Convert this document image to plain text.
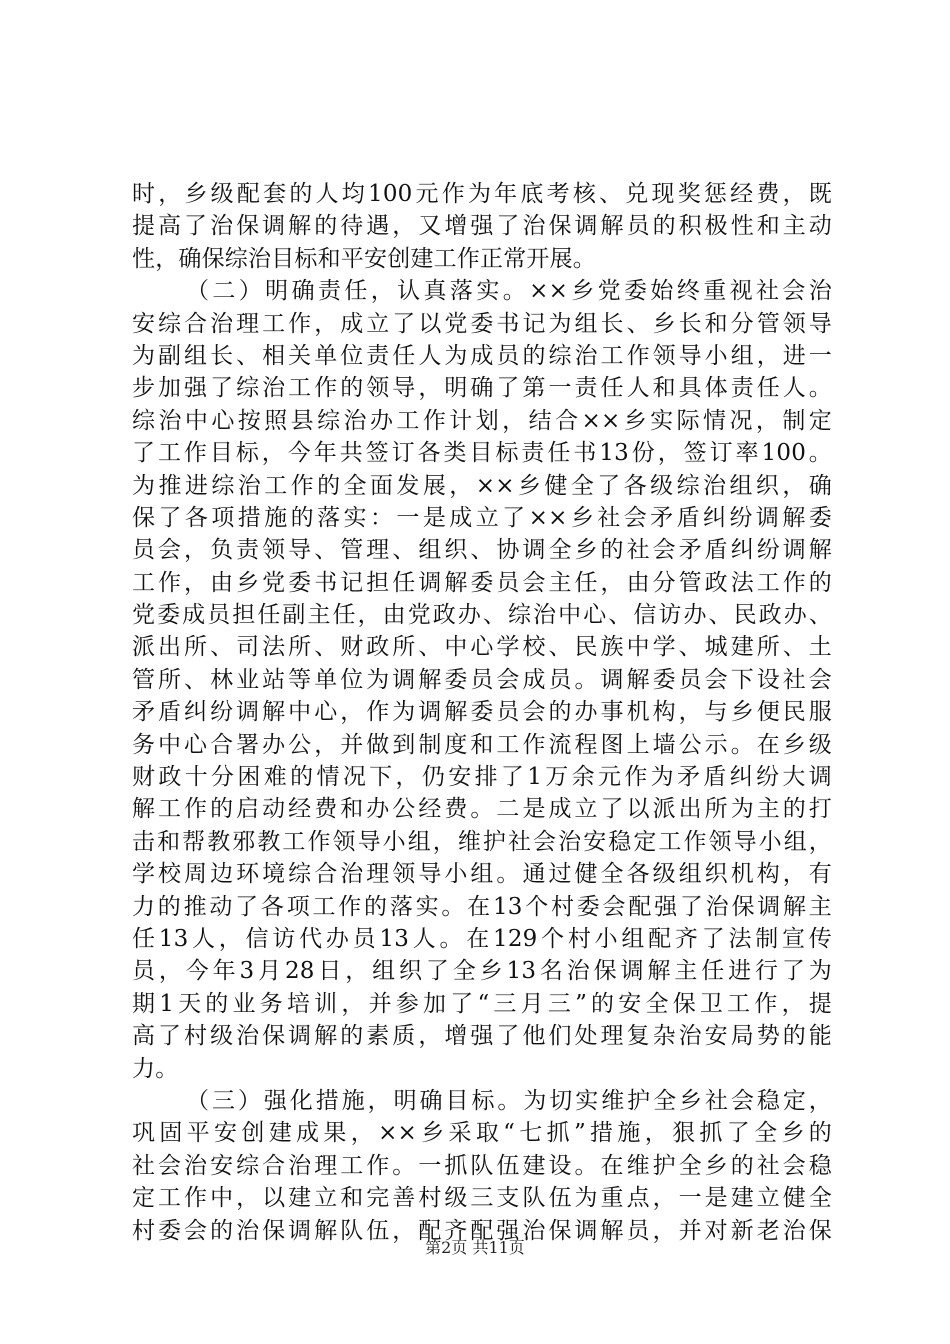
时，乡级配套的人均100元作为年底考核、兑现奖惩经费，既
提高了治保调解的待遇，又增强了治保调解员的积极性和主动
性，确保综治目标和平安创建工作正常开展。
（二）明确责任，认真落实。××乡党委始终重视社会治
安综合治理工作，成立了以党委书记为组长、乡长和分管领导
为副组长、相关单位责任人为成员的综治工作领导小组，进一
步加强了综治工作的领导，明确了第一责任人和具体责任人。
综治中心按照县综治办工作计划，结合××乡实际情况，制定
了工作目标，今年共签订各类目标责任书13份，签订率100。
为推进综治工作的全面发展，××乡健全了各级综治组织，确
保了各项措施的落实：一是成立了××乡社会矛盾纠纷调解委
员会，负责领导、管理、组织、协调全乡的社会矛盾纠纷调解
工作，由乡党委书记担任调解委员会主任，由分管政法工作的
党委成员担任副主任，由党政办、综治中心、信访办、民政办、
派出所、司法所、财政所、中心学校、民族中学、城建所、土
管所、林业站等单位为调解委员会成员。调解委员会下设社会
矛盾纠纷调解中心，作为调解委员会的办事机构，与乡便民服
务中心合署办公，并做到制度和工作流程图上墙公示。在乡级
财政十分困难的情况下，仍安排了1万余元作为矛盾纠纷大调
解工作的启动经费和办公经费。二是成立了以派出所为主的打
击和帮教邪教工作领导小组，维护社会治安稳定工作领导小组，
学校周边环境综合治理领导小组。通过健全各级组织机构，有
力的推动了各项工作的落实。在13个村委会配强了治保调解主
任13人，信访代办员13人。在129个村小组配齐了法制宣传
员，今年3月28日，组织了全乡13名治保调解主任进行了为
期1天的业务培训，并参加了“三月三”的安全保卫工作，提
高了村级治保调解的素质，增强了他们处理复杂治安局势的能
力。
（三）强化措施，明确目标。为切实维护全乡社会稳定，
巩固平安创建成果，××乡采取“七抓”措施，狠抓了全乡的
社会治安综合治理工作。一抓队伍建设。在维护全乡的社会稳
定工作中，以建立和完善村级三支队伍为重点，一是建立健全
村委会的治保调解队伍，配齐配强治保调解员，并对新老治保
第2页 共11页
